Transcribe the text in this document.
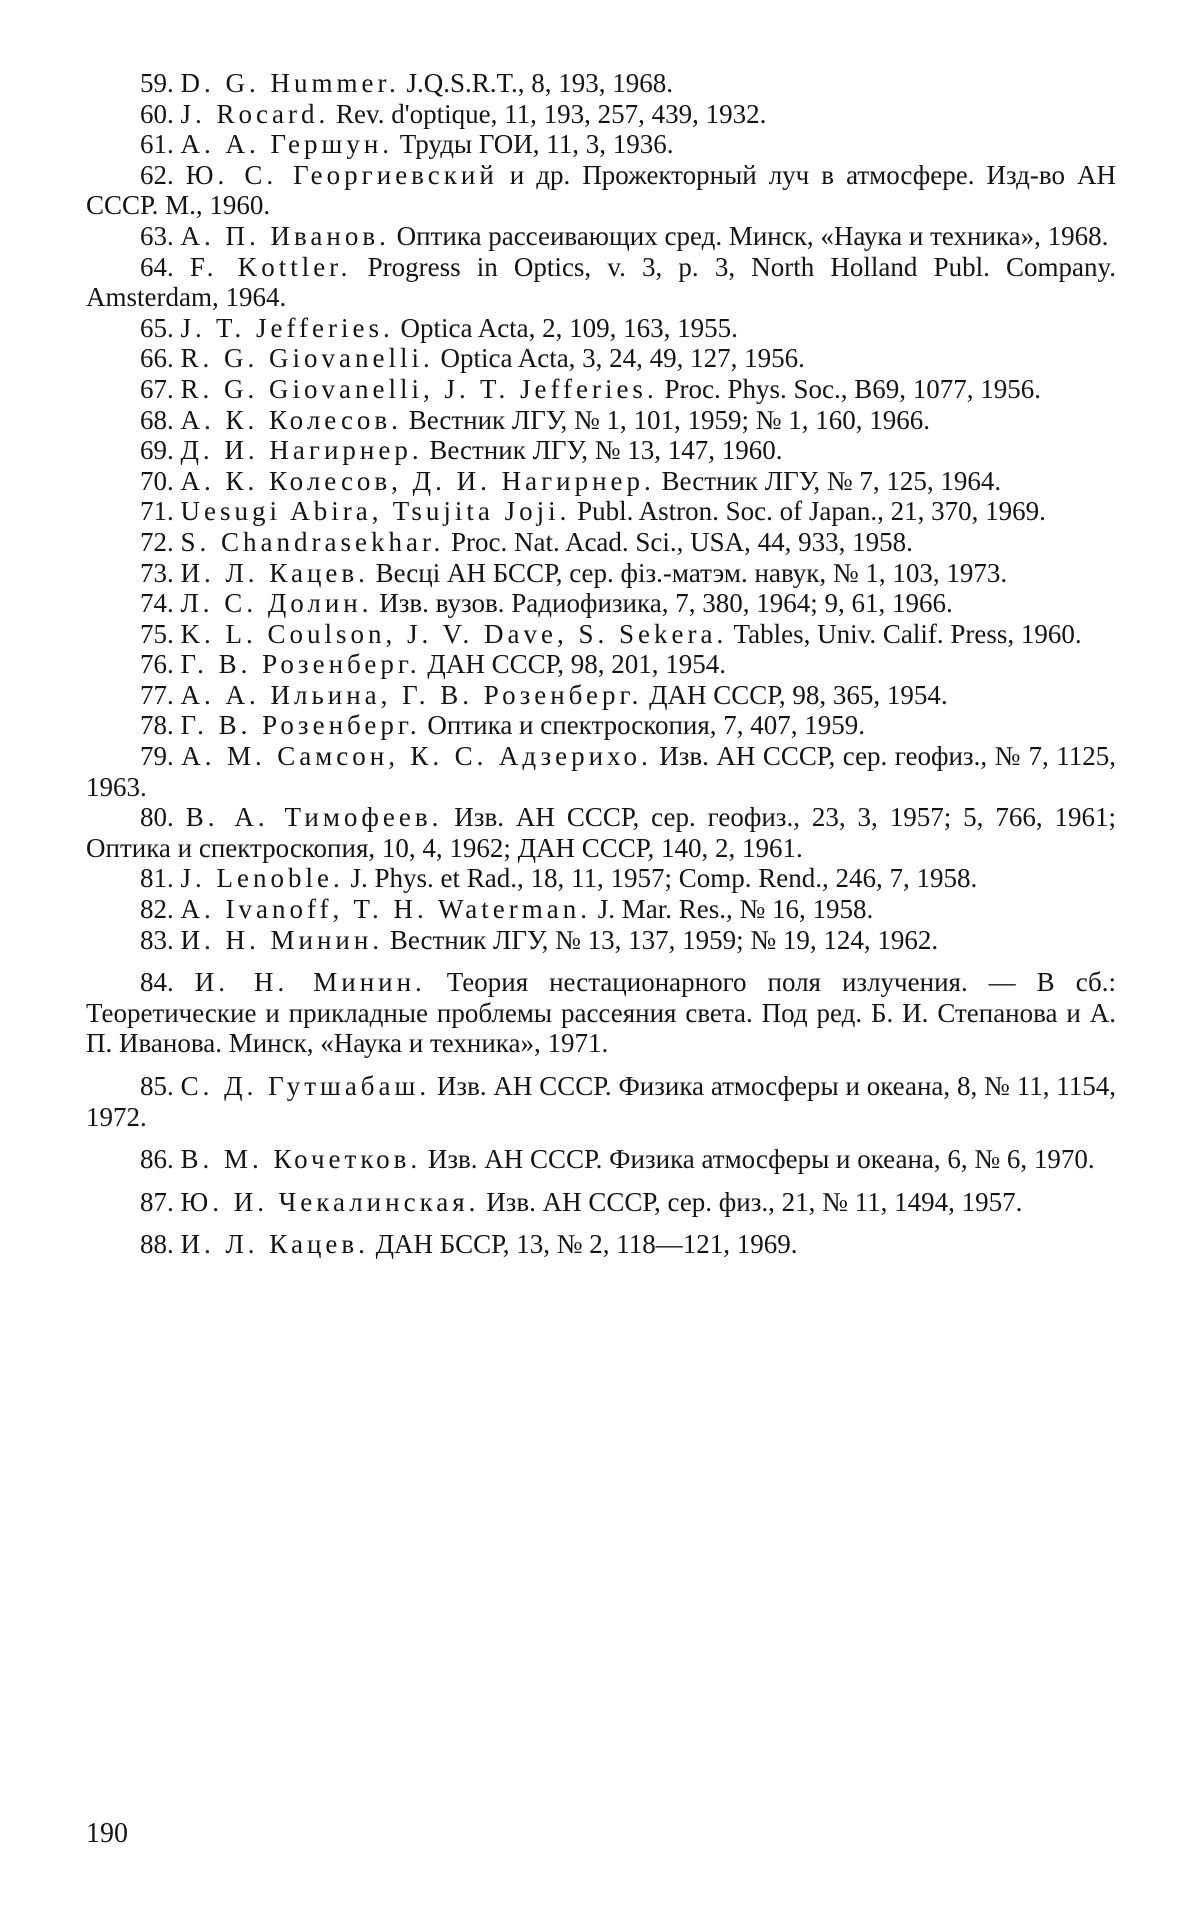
59. D. G. Hummer. J.Q.S.R.T., 8, 193, 1968.

60. J. Rocard. Rev. d'optique, 11, 193, 257, 439, 1932.

61. А. А. Гершун. Труды ГОИ, 11, 3, 1936.

62. Ю. С. Георгиевский и др. Прожекторный луч в атмосфере. Изд-во АН СССР. М., 1960.

63. А. П. Иванов. Оптика рассеивающих сред. Минск, «Наука и техника», 1968.

64. F. Kottler. Progress in Optics, v. 3, p. 3, North Holland Publ. Company. Amsterdam, 1964.

65. J. T. Jefferies. Optica Acta, 2, 109, 163, 1955.

66. R. G. Giovanelli. Optica Acta, 3, 24, 49, 127, 1956.

67. R. G. Giovanelli, J. T. Jefferies. Proc. Phys. Soc., B69, 1077, 1956.

68. А. К. Колесов. Вестник ЛГУ, № 1, 101, 1959; № 1, 160, 1966.

69. Д. И. Нагирнер. Вестник ЛГУ, № 13, 147, 1960.

70. А. К. Колесов, Д. И. Нагирнер. Вестник ЛГУ, № 7, 125, 1964.

71. Uesugi Abira, Tsujita Joji. Publ. Astron. Soc. of Japan., 21, 370, 1969.

72. S. Chandrasekhar. Proc. Nat. Acad. Sci., USA, 44, 933, 1958.

73. И. Л. Кацев. Весці АН БССР, сер. фіз.-матэм. навук, № 1, 103, 1973.

74. Л. С. Долин. Изв. вузов. Радиофизика, 7, 380, 1964; 9, 61, 1966.

75. K. L. Coulson, J. V. Dave, S. Sekera. Tables, Univ. Calif. Press, 1960.

76. Г. В. Розенберг. ДАН СССР, 98, 201, 1954.

77. А. А. Ильина, Г. В. Розенберг. ДАН СССР, 98, 365, 1954.

78. Г. В. Розенберг. Оптика и спектроскопия, 7, 407, 1959.

79. А. М. Самсон, К. С. Адзерихо. Изв. АН СССР, сер. геофиз., № 7, 1125, 1963.

80. В. А. Тимофеев. Изв. АН СССР, сер. геофиз., 23, 3, 1957; 5, 766, 1961; Оптика и спектроскопия, 10, 4, 1962; ДАН СССР, 140, 2, 1961.

81. J. Lenoble. J. Phys. et Rad., 18, 11, 1957; Comp. Rend., 246, 7, 1958.

82. A. Ivanoff, T. H. Waterman. J. Mar. Res., № 16, 1958.

83. И. Н. Минин. Вестник ЛГУ, № 13, 137, 1959; № 19, 124, 1962.

84. И. Н. Минин. Теория нестационарного поля излучения. — В сб.: Теоретические и прикладные проблемы рассеяния света. Под ред. Б. И. Степанова и А. П. Иванова. Минск, «Наука и техника», 1971.

85. С. Д. Гутшабаш. Изв. АН СССР. Физика атмосферы и океана, 8, № 11, 1154, 1972.

86. В. М. Кочетков. Изв. АН СССР. Физика атмосферы и океана, 6, № 6, 1970.

87. Ю. И. Чекалинская. Изв. АН СССР, сер. физ., 21, № 11, 1494, 1957.

88. И. Л. Кацев. ДАН БССР, 13, № 2, 118—121, 1969.

190
